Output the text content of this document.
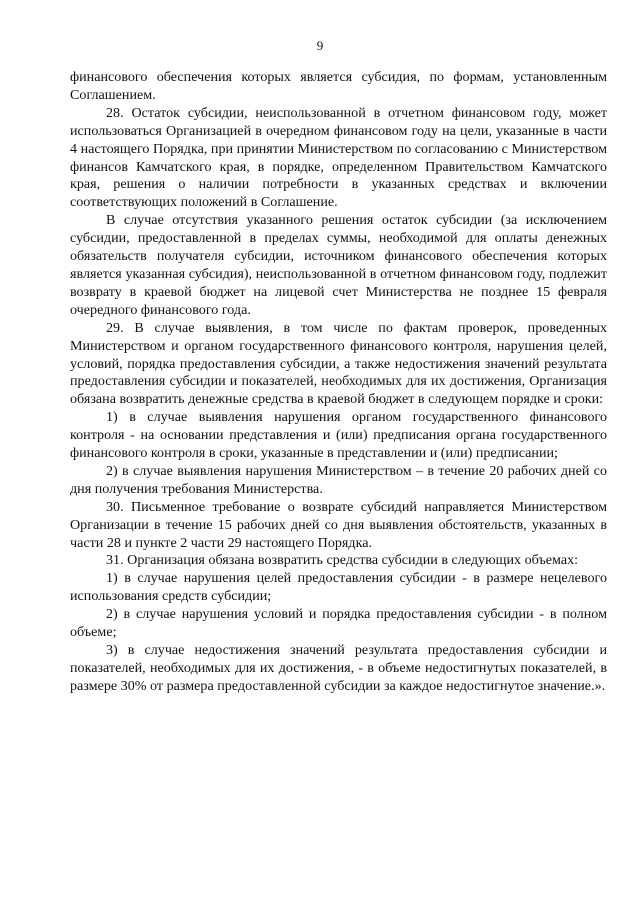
9

финансового обеспечения которых является субсидия, по формам, установленным Соглашением.

28. Остаток субсидии, неиспользованной в отчетном финансовом году, может использоваться Организацией в очередном финансовом году на цели, указанные в части 4 настоящего Порядка, при принятии Министерством по согласованию с Министерством финансов Камчатского края, в порядке, определенном Правительством Камчатского края, решения о наличии потребности в указанных средствах и включении соответствующих положений в Соглашение.

В случае отсутствия указанного решения остаток субсидии (за исключением субсидии, предоставленной в пределах суммы, необходимой для оплаты денежных обязательств получателя субсидии, источником финансового обеспечения которых является указанная субсидия), неиспользованной в отчетном финансовом году, подлежит возврату в краевой бюджет на лицевой счет Министерства не позднее 15 февраля очередного финансового года.

29. В случае выявления, в том числе по фактам проверок, проведенных Министерством и органом государственного финансового контроля, нарушения целей, условий, порядка предоставления субсидии, а также недостижения значений результата предоставления субсидии и показателей, необходимых для их достижения, Организация обязана возвратить денежные средства в краевой бюджет в следующем порядке и сроки:

1) в случае выявления нарушения органом государственного финансового контроля - на основании представления и (или) предписания органа государственного финансового контроля в сроки, указанные в представлении и (или) предписании;

2) в случае выявления нарушения Министерством – в течение 20 рабочих дней со дня получения требования Министерства.

30. Письменное требование о возврате субсидий направляется Министерством Организации в течение 15 рабочих дней со дня выявления обстоятельств, указанных в части 28 и пункте 2 части 29 настоящего Порядка.

31. Организация обязана возвратить средства субсидии в следующих объемах:

1) в случае нарушения целей предоставления субсидии - в размере нецелевого использования средств субсидии;

2) в случае нарушения условий и порядка предоставления субсидии - в полном объеме;

3) в случае недостижения значений результата предоставления субсидии и показателей, необходимых для их достижения, - в объеме недостигнутых показателей, в размере 30% от размера предоставленной субсидии за каждое недостигнутое значение.».
